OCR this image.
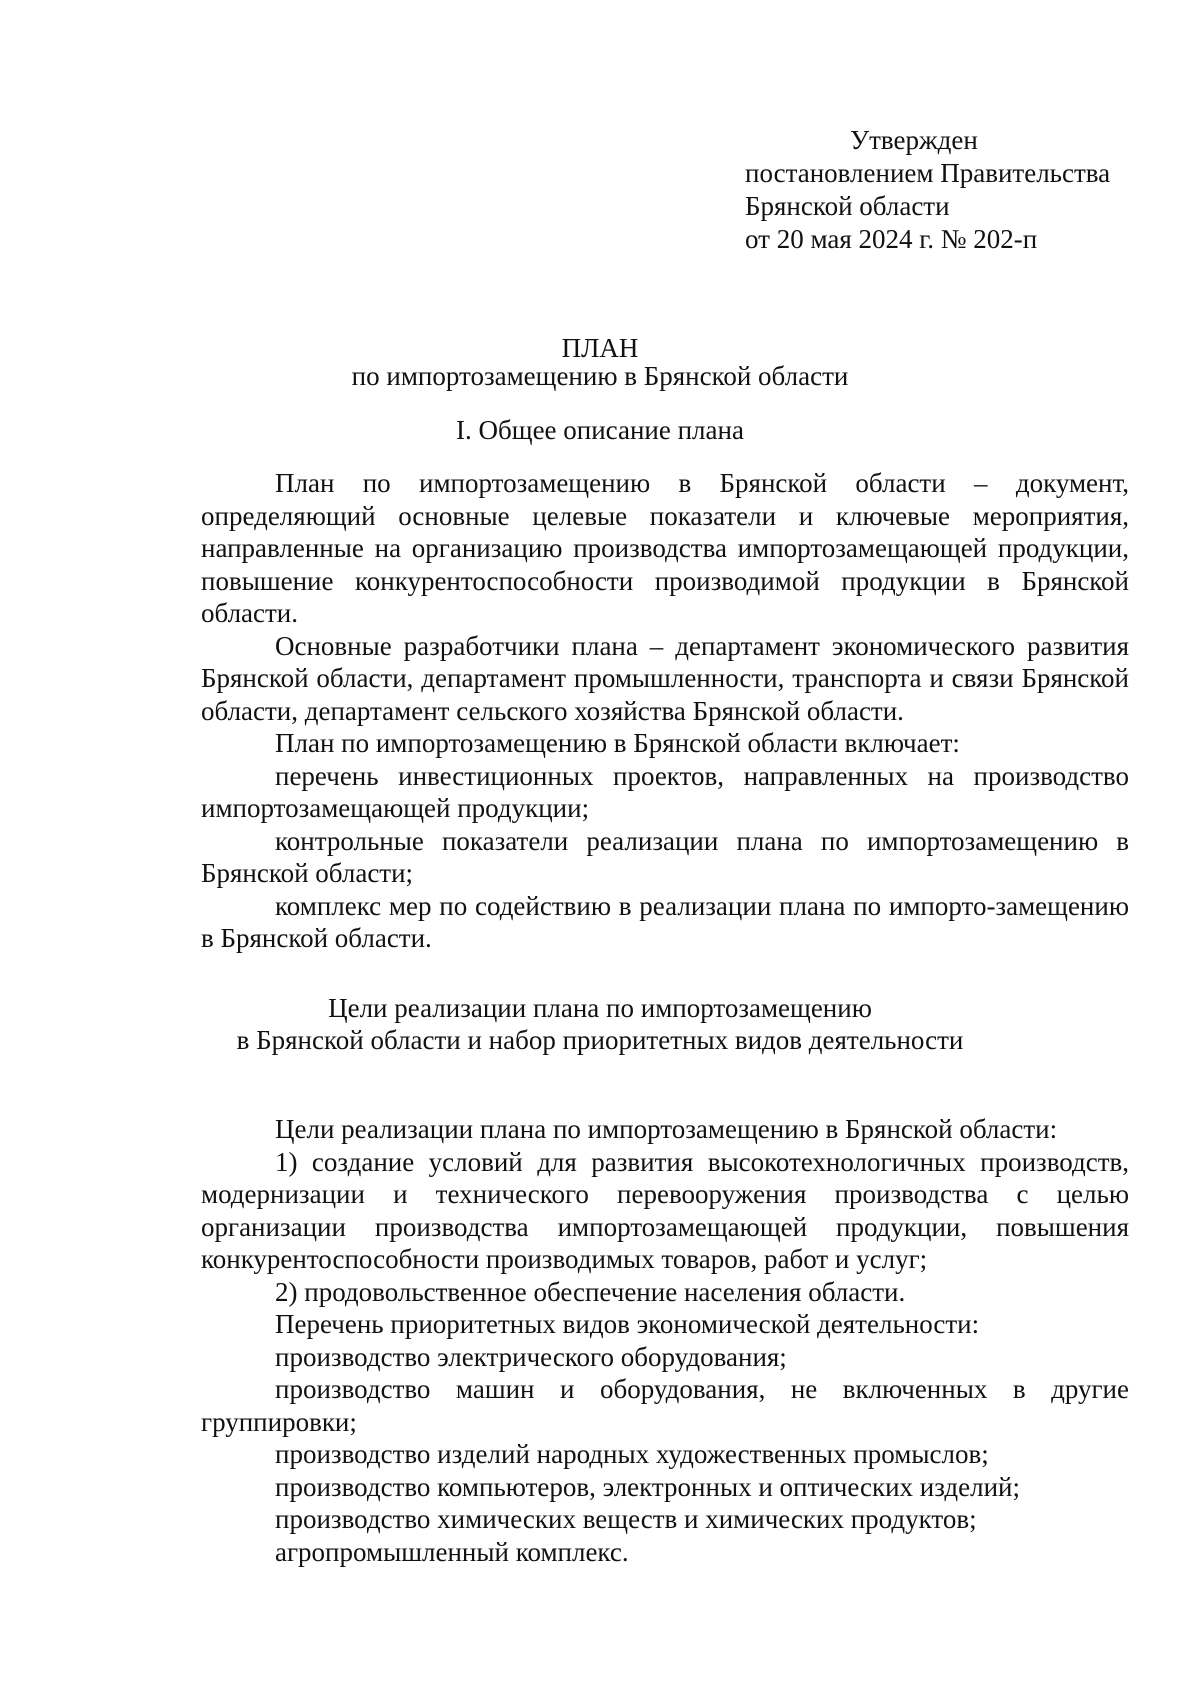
Утвержден
постановлением Правительства
Брянской области
от 20 мая 2024 г. № 202-п
ПЛАН
по импортозамещению в Брянской области
I. Общее описание плана

План по импортозамещению в Брянской области – документ, определяющий основные целевые показатели и ключевые мероприятия, направленные на организацию производства импортозамещающей продукции, повышение конкурентоспособности производимой продукции в Брянской области.

Основные разработчики плана – департамент экономического развития Брянской области, департамент промышленности, транспорта и связи Брянской области, департамент сельского хозяйства Брянской области.

План по импортозамещению в Брянской области включает:

перечень инвестиционных проектов, направленных на производство импортозамещающей продукции;

контрольные показатели реализации плана по импортозамещению в Брянской области;

комплекс мер по содействию в реализации плана по импорто-замещению в Брянской области.

Цели реализации плана по импортозамещению
в Брянской области и набор приоритетных видов деятельности

Цели реализации плана по импортозамещению в Брянской области:

1) создание условий для развития высокотехнологичных производств, модернизации и технического перевооружения производства с целью организации производства импортозамещающей продукции, повышения конкурентоспособности производимых товаров, работ и услуг;

2) продовольственное обеспечение населения области.

Перечень приоритетных видов экономической деятельности:

производство электрического оборудования;

производство машин и оборудования, не включенных в другие группировки;

производство изделий народных художественных промыслов;

производство компьютеров, электронных и оптических изделий;

производство химических веществ и химических продуктов;

агропромышленный комплекс.
